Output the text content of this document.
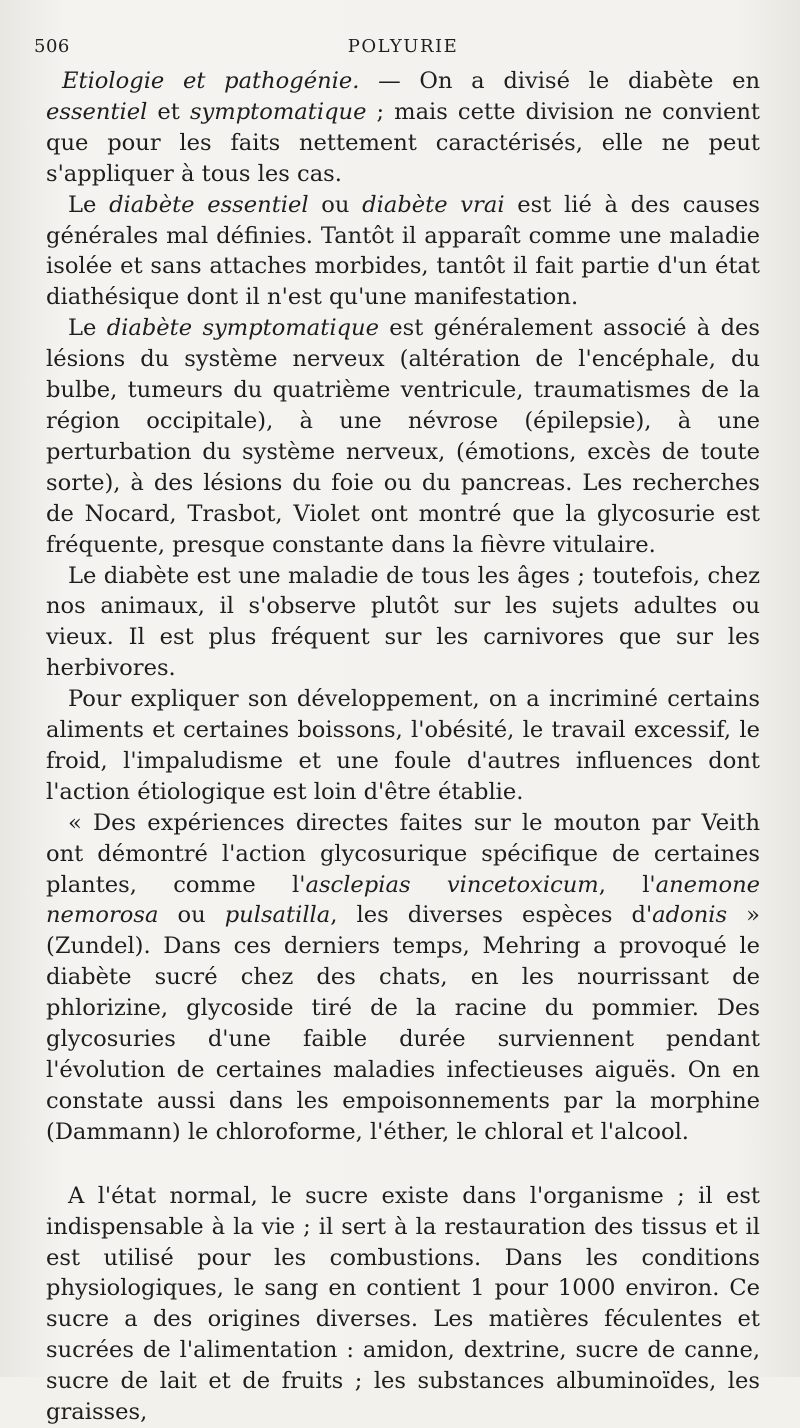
506	POLYURIE

Etiologie et pathogénie. — On a divisé le diabète en essentiel et symptomatique ; mais cette division ne convient que pour les faits nettement caractérisés, elle ne peut s'appliquer à tous les cas.

Le diabète essentiel ou diabète vrai est lié à des causes générales mal définies. Tantôt il apparaît comme une maladie isolée et sans attaches morbides, tantôt il fait partie d'un état diathésique dont il n'est qu'une manifestation.

Le diabète symptomatique est généralement associé à des lésions du système nerveux (altération de l'encéphale, du bulbe, tumeurs du quatrième ventricule, traumatismes de la région occipitale), à une névrose (épilepsie), à une perturbation du système nerveux, (émotions, excès de toute sorte), à des lésions du foie ou du pancreas. Les recherches de Nocard, Trasbot, Violet ont montré que la glycosurie est fréquente, presque constante dans la fièvre vitulaire.

Le diabète est une maladie de tous les âges ; toutefois, chez nos animaux, il s'observe plutôt sur les sujets adultes ou vieux. Il est plus fréquent sur les carnivores que sur les herbivores.

Pour expliquer son développement, on a incriminé certains aliments et certaines boissons, l'obésité, le travail excessif, le froid, l'impaludisme et une foule d'autres influences dont l'action étiologique est loin d'être établie.

« Des expériences directes faites sur le mouton par Veith ont démontré l'action glycosurique spécifique de certaines plantes, comme l'asclepias vincetoxicum, l'anemone nemorosa ou pulsatilla, les diverses espèces d'adonis » (Zundel). Dans ces derniers temps, Mehring a provoqué le diabète sucré chez des chats, en les nourrissant de phlorizine, glycoside tiré de la racine du pommier. Des glycosuries d'une faible durée surviennent pendant l'évolution de certaines maladies infectieuses aiguës. On en constate aussi dans les empoisonnements par la morphine (Dammann) le chloroforme, l'éther, le chloral et l'alcool.

A l'état normal, le sucre existe dans l'organisme ; il est indispensable à la vie ; il sert à la restauration des tissus et il est utilisé pour les combustions. Dans les conditions physiologiques, le sang en contient 1 pour 1000 environ. Ce sucre a des origines diverses. Les matières féculentes et sucrées de l'alimentation : amidon, dextrine, sucre de canne, sucre de lait et de fruits ; les substances albuminoïdes, les graisses,
